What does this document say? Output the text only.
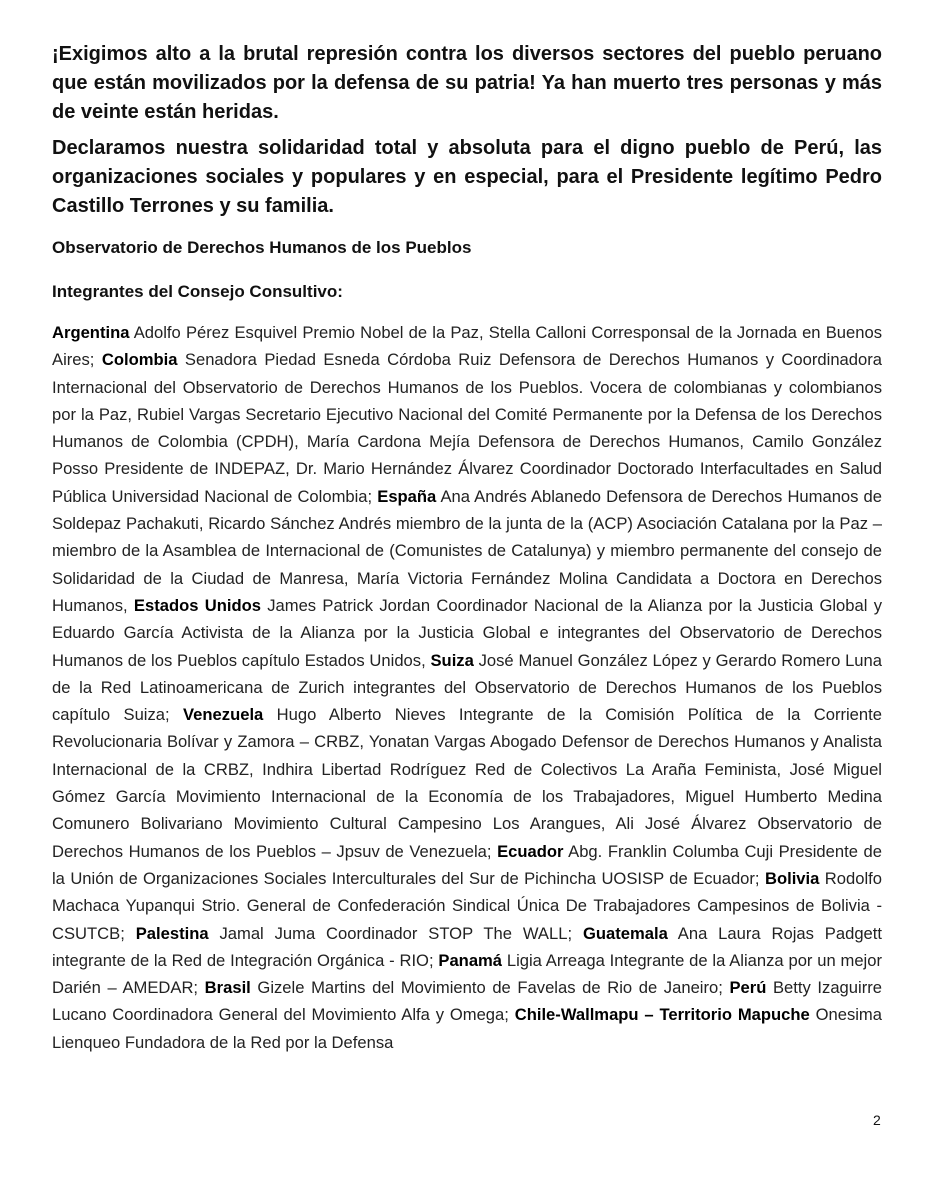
¡Exigimos alto a la brutal represión contra los diversos sectores del pueblo peruano que están movilizados por la defensa de su patria! Ya han muerto tres personas y más de veinte están heridas.

Declaramos nuestra solidaridad total y absoluta para el digno pueblo de Perú, las organizaciones sociales y populares y en especial, para el Presidente legítimo Pedro Castillo Terrones y su familia.

Observatorio de Derechos Humanos de los Pueblos

Integrantes del Consejo Consultivo:

Argentina Adolfo Pérez Esquivel Premio Nobel de la Paz, Stella Calloni Corresponsal de la Jornada en Buenos Aires; Colombia Senadora Piedad Esneda Córdoba Ruiz Defensora de Derechos Humanos y Coordinadora Internacional del Observatorio de Derechos Humanos de los Pueblos. Vocera de colombianas y colombianos por la Paz, Rubiel Vargas Secretario Ejecutivo Nacional del Comité Permanente por la Defensa de los Derechos Humanos de Colombia (CPDH), María Cardona Mejía Defensora de Derechos Humanos, Camilo González Posso Presidente de INDEPAZ, Dr. Mario Hernández Álvarez Coordinador Doctorado Interfacultades en Salud Pública Universidad Nacional de Colombia; España Ana Andrés Ablanedo Defensora de Derechos Humanos de Soldepaz Pachakuti, Ricardo Sánchez Andrés miembro de la junta de la (ACP) Asociación Catalana por la Paz – miembro de la Asamblea de Internacional de (Comunistes de Catalunya) y miembro permanente del consejo de Solidaridad de la Ciudad de Manresa, María Victoria Fernández Molina Candidata a Doctora en Derechos Humanos, Estados Unidos James Patrick Jordan Coordinador Nacional de la Alianza por la Justicia Global y Eduardo García Activista de la Alianza por la Justicia Global e integrantes del Observatorio de Derechos Humanos de los Pueblos capítulo Estados Unidos, Suiza José Manuel González López y Gerardo Romero Luna de la Red Latinoamericana de Zurich integrantes del Observatorio de Derechos Humanos de los Pueblos capítulo Suiza; Venezuela Hugo Alberto Nieves Integrante de la Comisión Política de la Corriente Revolucionaria Bolívar y Zamora – CRBZ, Yonatan Vargas Abogado Defensor de Derechos Humanos y Analista Internacional de la CRBZ, Indhira Libertad Rodríguez Red de Colectivos La Araña Feminista, José Miguel Gómez García Movimiento Internacional de la Economía de los Trabajadores, Miguel Humberto Medina Comunero Bolivariano Movimiento Cultural Campesino Los Arangues, Ali José Álvarez Observatorio de Derechos Humanos de los Pueblos – Jpsuv de Venezuela; Ecuador Abg. Franklin Columba Cuji Presidente de la Unión de Organizaciones Sociales Interculturales del Sur de Pichincha UOSISP de Ecuador; Bolivia Rodolfo Machaca Yupanqui Strio. General de Confederación Sindical Única De Trabajadores Campesinos de Bolivia - CSUTCB; Palestina Jamal Juma Coordinador STOP The WALL; Guatemala Ana Laura Rojas Padgett integrante de la Red de Integración Orgánica - RIO; Panamá Ligia Arreaga Integrante de la Alianza por un mejor Darién – AMEDAR; Brasil Gizele Martins del Movimiento de Favelas de Rio de Janeiro; Perú Betty Izaguirre Lucano Coordinadora General del Movimiento Alfa y Omega; Chile-Wallmapu – Territorio Mapuche Onesima Lienqueo Fundadora de la Red por la Defensa

2
